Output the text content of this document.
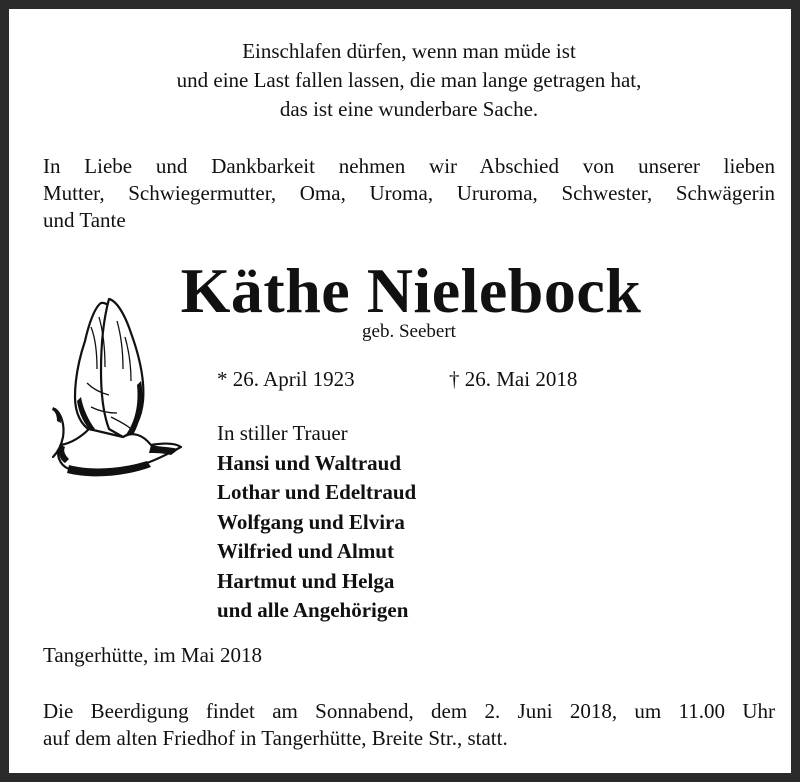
Einschlafen dürfen, wenn man müde ist
und eine Last fallen lassen, die man lange getragen hat,
das ist eine wunderbare Sache.
In Liebe und Dankbarkeit nehmen wir Abschied von unserer lieben
Mutter, Schwiegermutter, Oma, Uroma, Ururoma, Schwester, Schwägerin
und Tante
Käthe Nielebock
geb. Seebert
* 26. April 1923	† 26. Mai 2018
In stiller Trauer
Hansi und Waltraud
Lothar und Edeltraud
Wolfgang und Elvira
Wilfried und Almut
Hartmut und Helga
und alle Angehörigen
Tangerhütte, im Mai 2018
Die Beerdigung findet am Sonnabend, dem 2. Juni 2018, um 11.00 Uhr
auf dem alten Friedhof in Tangerhütte, Breite Str., statt.
